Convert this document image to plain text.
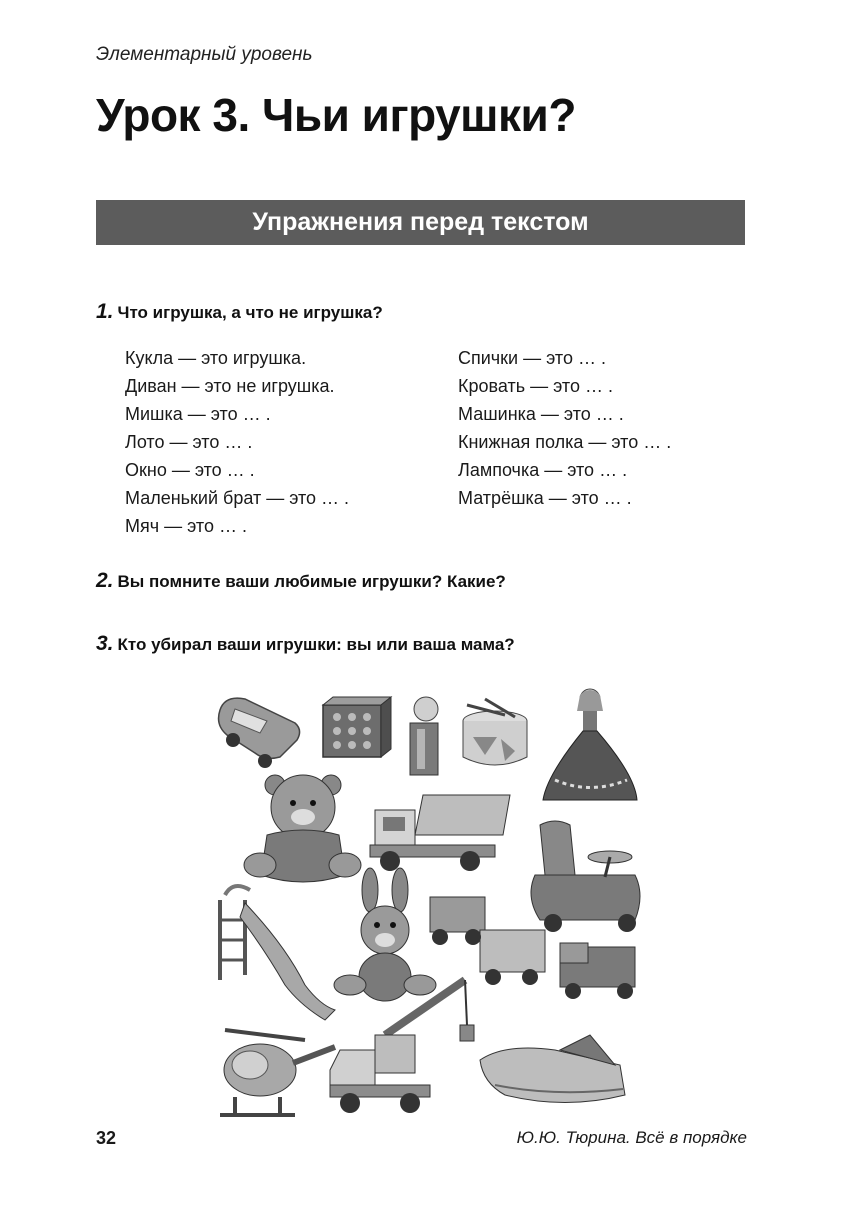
Элементарный уровень
Урок 3. Чьи игрушки?
Упражнения перед текстом
1. Что игрушка, а что не игрушка?
Кукла — это игрушка.
Диван — это не игрушка.
Мишка — это … .
Лото — это … .
Окно — это … .
Маленький брат — это … .
Мяч — это … .
Спички — это … .
Кровать — это … .
Машинка — это … .
Книжная полка — это … .
Лампочка — это … .
Матрёшка — это … .
2. Вы помните ваши любимые игрушки? Какие?
3. Кто убирал ваши игрушки: вы или ваша мама?
32	Ю.Ю. Тюрина. Всё в порядке
